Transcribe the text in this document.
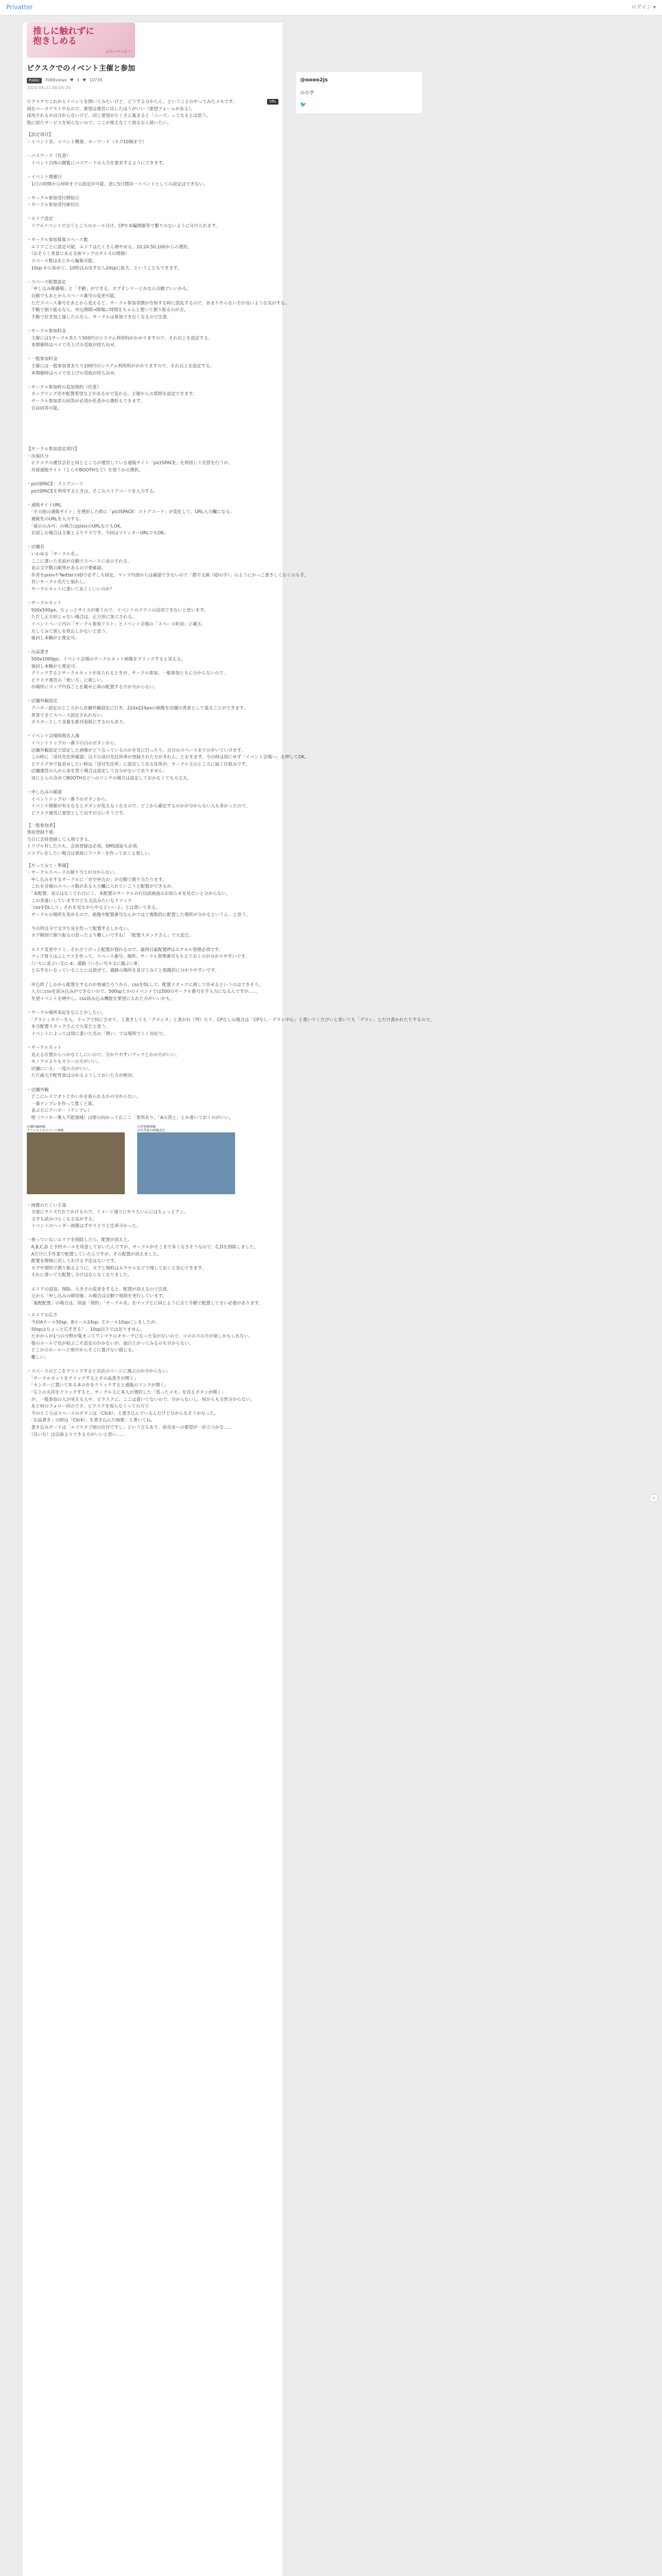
Privatter	ログイン ▾
推しに触れずに
抱きしめる
ぷらいべったー
ピクスクでのイベント主催と参加
Public	7088views ♥ 3 ♥ 10739
2020-06-21 00:05:24
ピクスクでこれからイベントを開いてみたいけど、どうする分からん、ということのやってみたメモです。
現在ベータテスト中なので、要望は運営に出したほうがいい（要望フォームがある）。
採用されるかは分からないけど、同じ要望がたくさん集まると「ニーズ」ってなるとは思う。
他に似たサービスを知らないので、ここが使えなくて困るなら使いたい。
URL
【設定項目】
・イベント名、イベント概要、キーワード（タグ10個まで）

・パスワード（任意）
　イベント自体の閲覧にパスワードの入力を要求するようにできます。

・イベント開催日
　1日の時間から何時までの設定が可能。逆に5日間同一イベントとしての設定はできない。

・サークル参加受付開始日
・サークル参加受付締切日

・エリア設定
　リアルイベントで言うところのホール分け。CPや本編開催等で繋りのないように分けられます。

・サークル参加募集スペース数
　エリアごとに設定可能。エリアはたくさん増やせる。10,24,50,100からの選択。
　（おそらく背景にある全体マップのサイズの関係）
　スペース数はあとから編集可能。
　10sp から始めて、10枠はみ出すなら24spに拡大、ということもできます。

・スペース配置設定
　「申し込み順番順」と「手動」ができる。カプオンリーとかなら自動でいいかも。
　自動でもあとからスペース番号の変更可能。
　ただスペース番号をあとから変えると、サークル参加者側が告知する時に混乱するので、あまりやらない方が良いような気がする。
　手動で割り振るなら、申込期間→開場に時間をちゃんと置いて割り振るのが吉。
　手動で狂ぎ加工後したのなら、サークルは参加できなくなるので注意。

・サークル参加料金
　主催には1サークルあたり500円のシステム利用料がかかりますので、それ以上を設定する。
　本開催時はペイで売上げの受取が持ち出せ。

・一般参加料金
　主催には一般参加者あたり100円のシステム利用料がかかりますので、それ以上を設定する。
　本開催時はペイで売上げの受取が持ち出せ。

・サークル参加時の追加規約（任意）
　カップリング名や配置希望などがあるかで変わる。主催からの質問を設定できます。
　サークル参加者の回答が必須か任意かの選択もできます。
　自由回答可能。
【サークル参加設定項目】
・出展区分
　ピクスクの運営会社と同じところが運営している通販サイト「pictSPACE」を利用して売買を行うか、
　外部通販サイト（とらやBOOTHなど）を使うかの選択。

・pictSPACE：ストアコード
　pictSPACEを利用するときは、そこのストアコードを入力する。

・通販サイトURL
　「その他の通販サイト」を選択した時に「pictSPACE：ストアコード」が変化して、URL入力欄になる。
　通販先のURLを入力する。
　「展示のみ可」の場合はpixivのURLなどもOK。
　お試しの場合は主催とよりテラです。今回はツイッターURLでもOK。

・店舗名
　いわゆる「サークル名」。
　ここに書いた名前が自動でスペースに表示される。
　表示文字数の限界があるので要確認。
　作者をpixivやTwitterのIDで必ずしも固定。マップ内部からは確認できないので「郡宇文庫（IDの字）」のようにかっこ書きしておくのも手。
　長いサークル名だと崩れし。
　サークルカットに書いてあくしいいのか？

・サークルカット
　500x500px。ちょっとサイズが違うので、イベントのテクニの活用できないと思います。
　ただし正方形じゃない場合は、正方形に加工される。
　イベントページ内の「サークル参加リスト」とイベント会場の「スペース町田」に載る。
　兄してみて欲しを欲忘しかないと思う。
　後回し本験がと推定可。

・出品書き
　500x1000px、イベント会場のサークルカット画像をクリックすると見える。
　後回し本験がと推定可。
　クリックするとサークルカットが見られるときが、サークル参加、一般参加ともに分からないので、
　ピクスク運営の「使い方」に欲しい。
　出場所にマップ内容ごとを載せと両の配置する方が分からない。

・店舗外観設定
　アバター設定のところから店舗外観設定に行き、224x224pxの画像を店舗の背景として張ることができます。
　背景で全てスペース設定されれない。
　ポスターとして金量を新刊表紙にするのもあり。

・イベント会場時間名入場
　イベントトップの一番下の白のボタンから。
　店舗外観設定で設定した画像がどうなっているのかを見に行ったり、自分のスペースまでの歩いていけます。
　この時に「送付先住所確認」以下の送付先住所率が登録された方がきれん」とおまます。今の時は別にせず「イベント会場へ」を押してOK。
　ピクスク外で仮表せしたい時は「送付先住所」に設定してある住所が、サークル主のところに届く仕組みです。
　店舗運営の入から本を買う場合は設定して自分がないでありません。
　送にとらの含めてBOOTHなどへのリンクの場合は設定しておかなくても大丈夫。

・申し込みの確認
　イベントトップの一番下のボタンから。
　イベント開催が有るなるとボタンが変えなくなるので、どこから確定するのかが分からない人も多かったので。
　ピクスク運営に要望として出すが言いそうです。
【一般参加者】
事前登録不要。
当日に会員登録して入場できる。
トリプル対したのも、会員登録は必須。SMS認証も必須。
コスプレをしたい場合は事前にアバターを作っておくと楽しい。
【やってみて・準備】
・サークルスペースの割り当てが分からない。
　申し込みをするサークルに「市空申込の」が自動で割り当たります。
　これを音場のスペース数がある入力欄に入れていこうと配置ができるが、
　「本配置」表示はなくてわけにく、本配置のサークルの行以前画面のお知らせを見ないと分からない。
　この差違いしていますけども文法みたいなクリック
　「cssをDLして」それを見ながらやるといいよ」とは書いてある。
　サークルの場所を変めるので、画像や配置番号なんかではて複数的に配置した場所が分かるというん、と思う。

　今の所自分で文字ち見を作って配置するしかない。
　カプ順別で割り振るの思ったより難しいですね！「配置スタックさん」で大変だ。

　エリア変更中リミ、それさてけっと配置が遅れるので、最得目最配置IPはエクセル管理必須です。
　マップ周りはふしマスを作って、スペース番号、場所、サークル管理番号もちえておくのが分かりやすいです。
　（いろに並ぶい文に-4」通路（いろい号ネ文に縦ぶい8」
　と右半をいなっていることには混ぜて、通路の場所を並びてみてと根拠的に分かりやすいです。

　申込終了しかから配置をするのが普通だろうから、cssをDLして、配置スタックに渡して任せるというのはできそう。
　入力にcsvを読み込みができないので、500spとかのイベントでは500のサークル番号を手入力になるんですが……
　先望イベントを増やし、csv読み込み機能を要望に入れた方がいいかも。

・サークル場所表記をなんとかしたい。
　「グラシィカリーを入、ラップで何にさせて、上書きしても「グラシタ」と書かれ（判）たり、CPなしの場合は「CPなし・グラシ中心」と書いてくだけいと書いても「グラシ」とだけ書かれたりするので。
　本当配置スタックさんで大変だと思う。
　イベントによっては別に書いた名の「開い」では場所でくく対応で。

・サークルカット
　見える位置からつかなくしにいので、分かりやすいアップとかの方がいい。
　モノクロよりもカラーの方がいい。
　店舗にいる」一度の方がいい。
　ただ最大不配背景は分かるようしておいた方が絶対。

・店舗外観
　どこにレスでオトとかいかを取られるかの分からない。
　一番テンプレを作って置くと楽。
　並ぶ方にアバター（テンプレ）
　壁（アバター導入不能領域）は壁の向かって右ここ「事列あり」「Aの頂上」とか書いておくのがいい。
店舗外観画像
デフォルトのスペース画像
自作壁掛画像
自作背景の画像設定
・画像のたくい主張
　全部にサイズだれでかけるので、イメージ通りにやりたいんにはちょっとアン。
　文字も読みづらくなる気がする。
　イベントのヘッダー画像はずやりとりと比率分かった。

・使っていないエリアを削除したら、配置が消えた。
　A,B,C,D と予約ホールを用意しておいたんですが、サークルがそこまで多くなさそうなので、C,Dを削除しました。
　Aだけに手作業で配置していたんですが、その配置が消えました。
　配置を復帰に戻しておける予定はないです。
　カプや規約で割り振るように、カプと規約はエクセルなどで残しておくと安心できます。
　それに書いてた配置し分けはならなくなりました。

　エリアの追加、削除、大きさの変更をすると、配置が消えるので注意。
　元から「申し込みの締切後」の場合は自動で規則を実行しています。
　「後配配置」の場合は、別途「規約」「サークル名」をマップとに同じように全て手動で配置してまい必要があります。
・エリアの広さ
　今回Aホール50sp、Bホール24sp、Cホール10spにしましたが、
　50spはちょっと広すぎる！、10sp以下では足りません。
　たかからが1つの分野が集まってワンマケのオカーデになった気がないので、コロのスの方が楽しかもしれない。
　他のホールで長が結ぶこそ設定のかかないが、面白上がってみるのも分からない。
　どこかのホールへど座中からそこに置けない感じる。
　難しい。

・スペースのどこをクリックすると出店のページに飛ぶのか分からない。
　「サークルカットをクリックするとその品書きが開く」
　「センターに置いてある本の台をクリックすると通販のリンクが開く」
　「左上の丸印をクリックすると、サークル主に本人が選択した「買ったメモ」を送るボタンが開く」
　が、一般参加の人が見える入や、ピクスクに、ここは書いてないので、分からないし、何からも全然分からない。
　あと何のフォロー何のでさ、ピクスクを知らなくっての方で
　今のところはスペースのボタンは「Click!」と書き込んでいるんだけど分からなそうかなった。
　「お品書き」の時は「Click!」を書き込んだ画像」と書いてね。
　書き込みボードは「エフスタブ面の位付ですし」という言もあり、前売金への要望が一応立つかな……
　（良いな）は以前よりできる方がいいと思い……
@oooo2js
の小学
🐦
›
